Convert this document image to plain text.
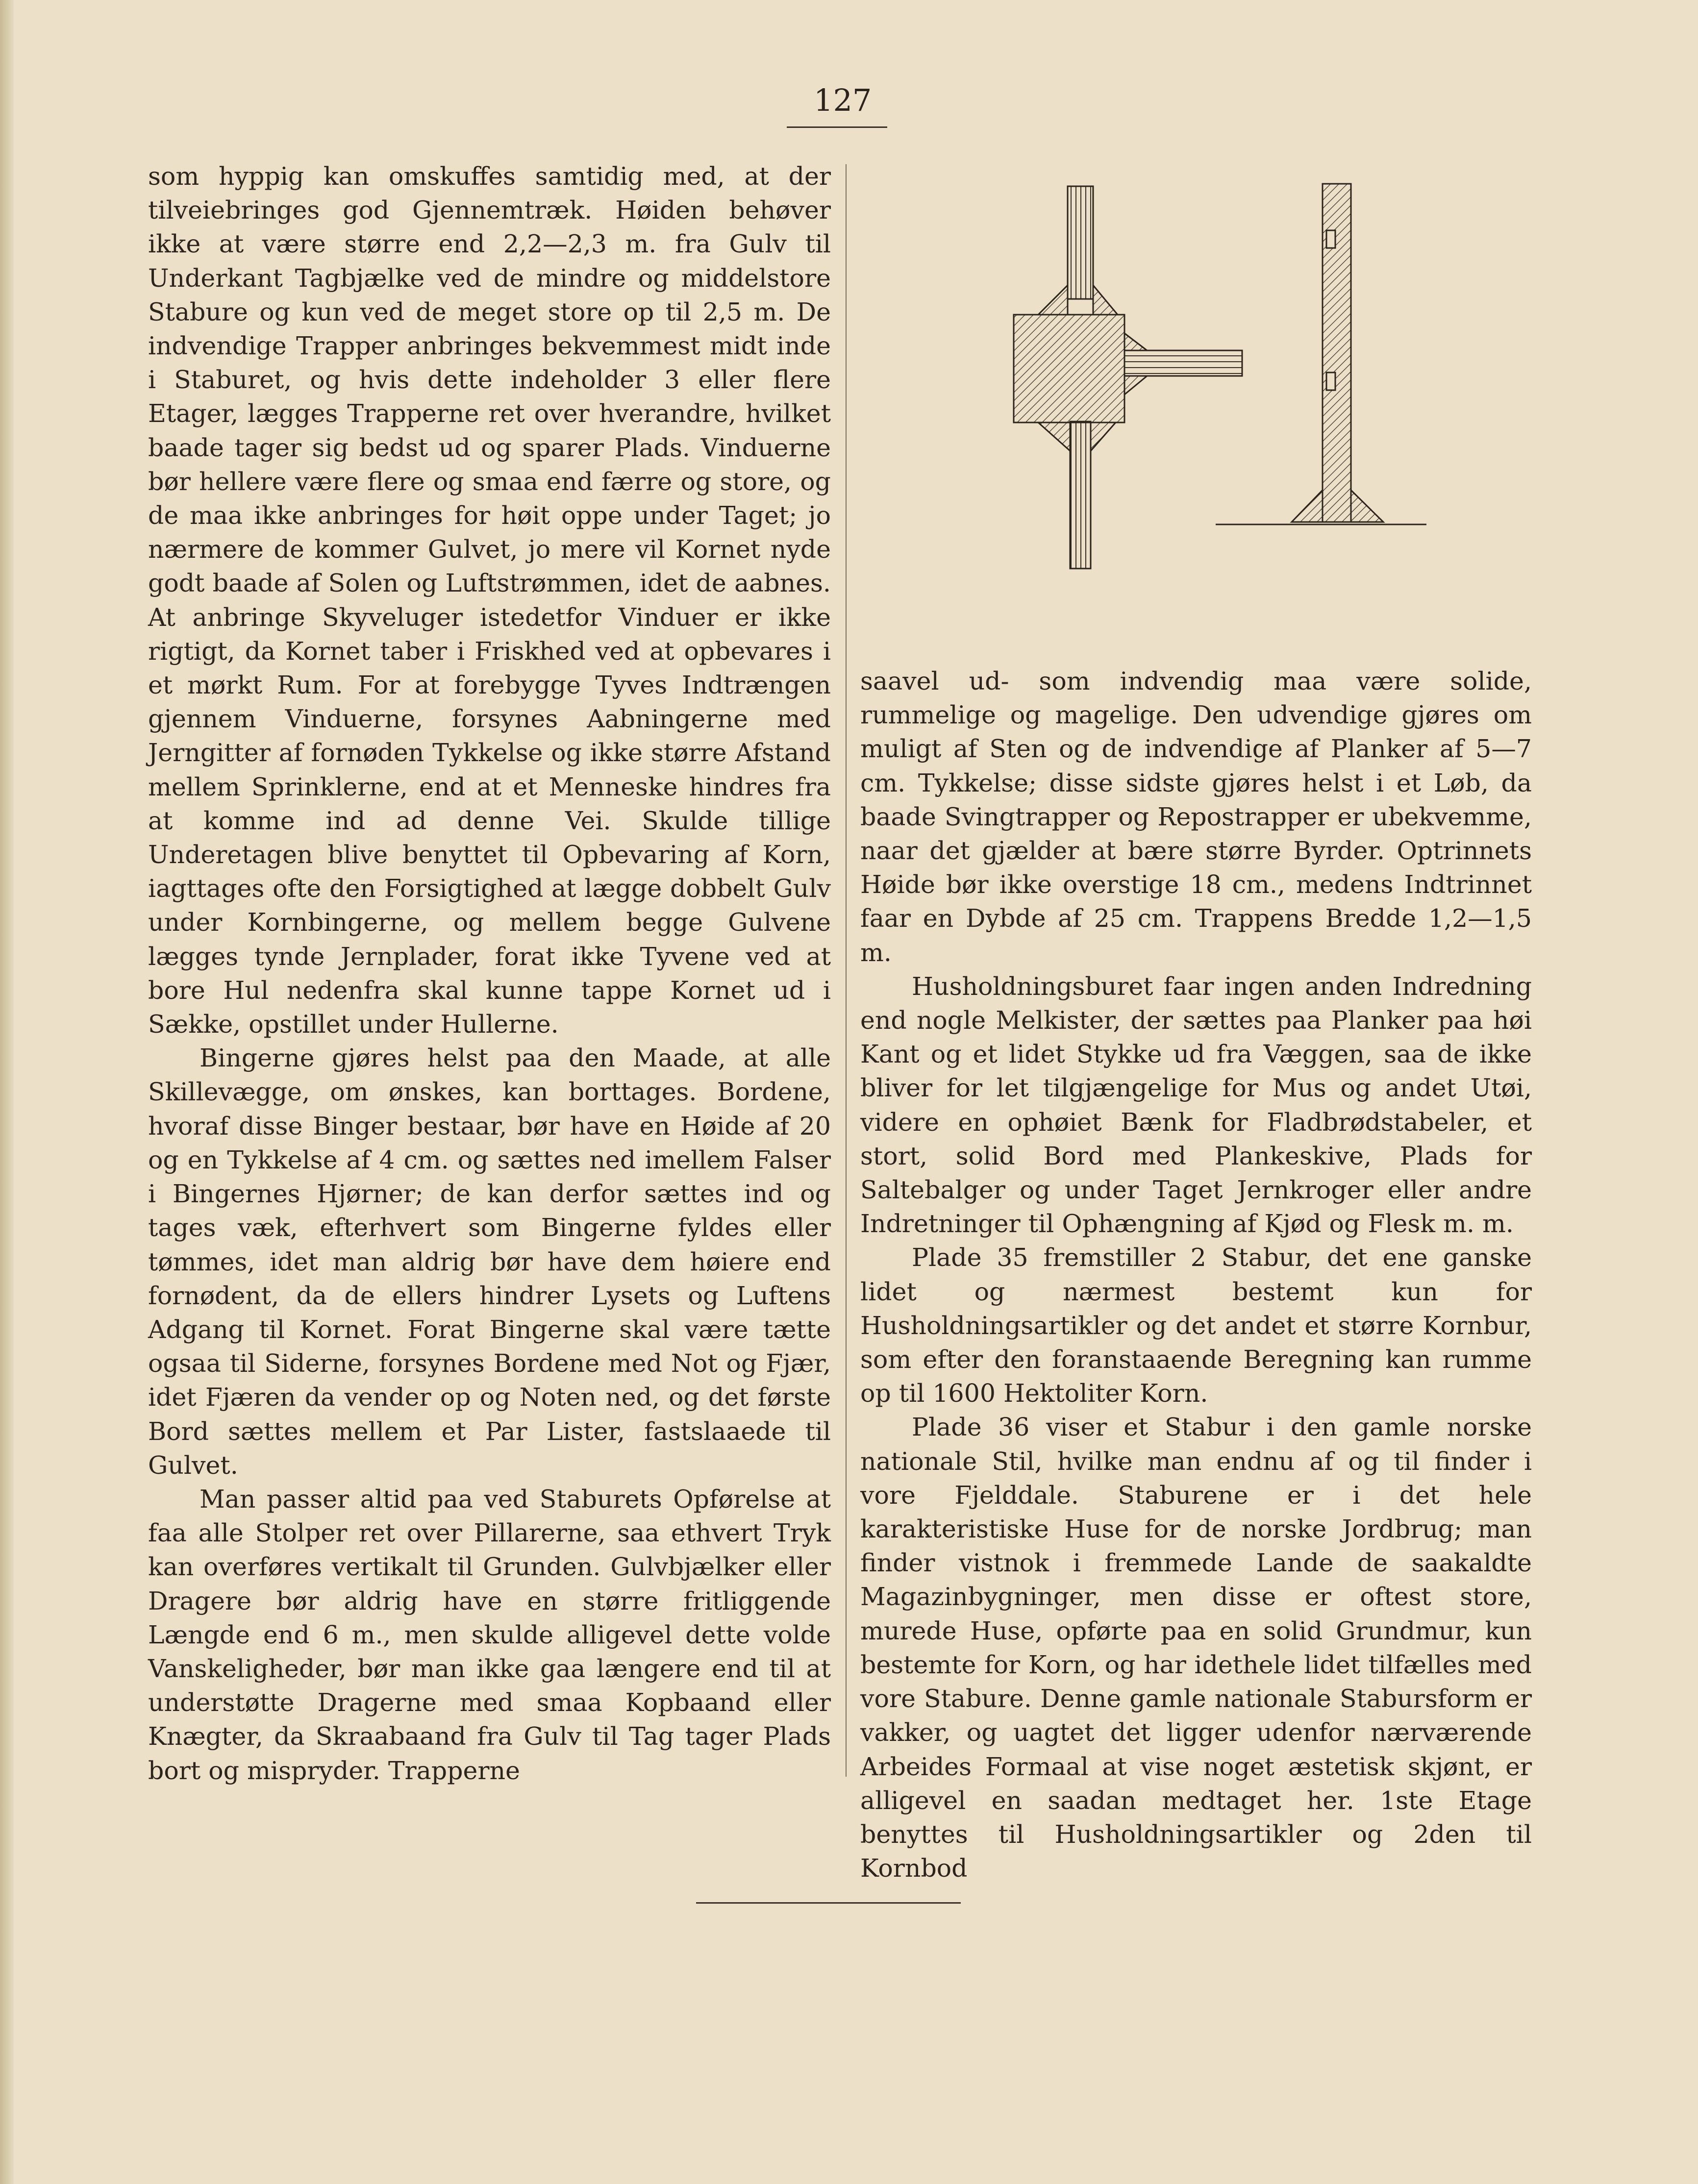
127

som hyppig kan omskuffes samtidig med, at der tilveiebringes god Gjennemtræk. Høiden behøver ikke at være større end 2,2—2,3 m. fra Gulv til Underkant Tagbjælke ved de mindre og middelstore Stabure og kun ved de meget store op til 2,5 m. De indvendige Trapper anbringes bekvemmest midt inde i Staburet, og hvis dette indeholder 3 eller flere Etager, lægges Trapperne ret over hverandre, hvilket baade tager sig bedst ud og sparer Plads. Vinduerne bør hellere være flere og smaa end færre og store, og de maa ikke anbringes for høit oppe under Taget; jo nærmere de kommer Gulvet, jo mere vil Kornet nyde godt baade af Solen og Luftstrømmen, idet de aabnes. At anbringe Skyveluger istedetfor Vinduer er ikke rigtigt, da Kornet taber i Friskhed ved at opbevares i et mørkt Rum. For at forebygge Tyves Indtrængen gjennem Vinduerne, forsynes Aabningerne med Jerngitter af fornøden Tykkelse og ikke større Afstand mellem Sprinklerne, end at et Menneske hindres fra at komme ind ad denne Vei. Skulde tillige Underetagen blive benyttet til Opbevaring af Korn, iagttages ofte den Forsigtighed at lægge dobbelt Gulv under Kornbingerne, og mellem begge Gulvene lægges tynde Jernplader, forat ikke Tyvene ved at bore Hul nedenfra skal kunne tappe Kornet ud i Sække, opstillet under Hullerne.

Bingerne gjøres helst paa den Maade, at alle Skillevægge, om ønskes, kan borttages. Bordene, hvoraf disse Binger bestaar, bør have en Høide af 20 og en Tykkelse af 4 cm. og sættes ned imellem Falser i Bingernes Hjørner; de kan derfor sættes ind og tages væk, efterhvert som Bingerne fyldes eller tømmes, idet man aldrig bør have dem høiere end fornødent, da de ellers hindrer Lysets og Luftens Adgang til Kornet. Forat Bingerne skal være tætte ogsaa til Siderne, forsynes Bordene med Not og Fjær, idet Fjæren da vender op og Noten ned, og det første Bord sættes mellem et Par Lister, fastslaaede til Gulvet.

Man passer altid paa ved Staburets Opførelse at faa alle Stolper ret over Pillarerne, saa ethvert Tryk kan overføres vertikalt til Grunden. Gulvbjælker eller Dragere bør aldrig have en større fritliggende Længde end 6 m., men skulde alligevel dette volde Vanskeligheder, bør man ikke gaa længere end til at understøtte Dragerne med smaa Kopbaand eller Knægter, da Skraabaand fra Gulv til Tag tager Plads bort og mispryder. Trapperne

saavel ud- som indvendig maa være solide, rummelige og magelige. Den udvendige gjøres om muligt af Sten og de indvendige af Planker af 5—7 cm. Tykkelse; disse sidste gjøres helst i et Løb, da baade Svingtrapper og Repostrapper er ubekvemme, naar det gjælder at bære større Byrder. Optrinnets Høide bør ikke overstige 18 cm., medens Indtrinnet faar en Dybde af 25 cm. Trappens Bredde 1,2—1,5 m.

Husholdningsburet faar ingen anden Indredning end nogle Melkister, der sættes paa Planker paa høi Kant og et lidet Stykke ud fra Væggen, saa de ikke bliver for let tilgjængelige for Mus og andet Utøi, videre en ophøiet Bænk for Fladbrødstabeler, et stort, solid Bord med Plankeskive, Plads for Saltebalger og under Taget Jernkroger eller andre Indretninger til Ophængning af Kjød og Flesk m. m.

Plade 35 fremstiller 2 Stabur, det ene ganske lidet og nærmest bestemt kun for Husholdningsartikler og det andet et større Kornbur, som efter den foranstaaende Beregning kan rumme op til 1600 Hektoliter Korn.

Plade 36 viser et Stabur i den gamle norske nationale Stil, hvilke man endnu af og til finder i vore Fjelddale. Staburene er i det hele karakteristiske Huse for de norske Jordbrug; man finder vistnok i fremmede Lande de saakaldte Magazinbygninger, men disse er oftest store, murede Huse, opførte paa en solid Grundmur, kun bestemte for Korn, og har idethele lidet tilfælles med vore Stabure. Denne gamle nationale Stabursform er vakker, og uagtet det ligger udenfor nærværende Arbeides Formaal at vise noget æstetisk skjønt, er alligevel en saadan medtaget her. 1ste Etage benyttes til Husholdningsartikler og 2den til Kornbod
